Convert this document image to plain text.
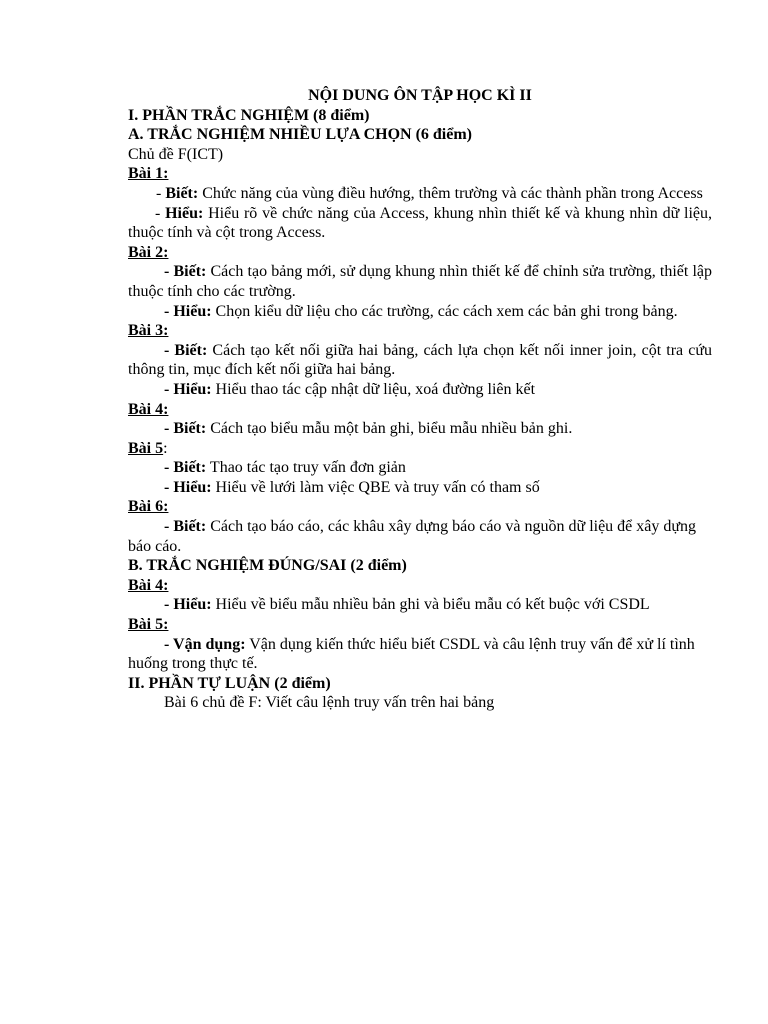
NỘI DUNG ÔN TẬP HỌC KÌ II

I. PHẦN TRẮC NGHIỆM (8 điểm)

A. TRẮC NGHIỆM NHIỀU LỰA CHỌN (6 điểm)

Chủ đề F(ICT)

Bài 1:

- Biết: Chức năng của vùng điều hướng, thêm trường và các thành phần trong Access

- Hiểu: Hiểu rõ về chức năng của Access, khung nhìn thiết kế và khung nhìn dữ liệu, thuộc tính và cột trong Access.

Bài 2:

- Biết: Cách tạo bảng mới, sử dụng khung nhìn thiết kế để chỉnh sửa trường, thiết lập thuộc tính cho các trường.

- Hiểu: Chọn kiểu dữ liệu cho các trường, các cách xem các bản ghi trong bảng.

Bài 3:

- Biết: Cách tạo kết nối giữa hai bảng, cách lựa chọn kết nối inner join, cột tra cứu thông tin, mục đích kết nối giữa hai bảng.

- Hiểu: Hiểu thao tác cập nhật dữ liệu, xoá đường liên kết

Bài 4:

- Biết: Cách tạo biểu mẫu một bản ghi, biểu mẫu nhiều bản ghi.

Bài 5:

- Biết: Thao tác tạo truy vấn đơn giản

- Hiểu: Hiểu về lưới làm việc QBE và truy vấn có tham số

Bài 6:

- Biết: Cách tạo báo cáo, các khâu xây dựng báo cáo và nguồn dữ liệu để xây dựng báo cáo.

B. TRẮC NGHIỆM ĐÚNG/SAI (2 điểm)

Bài 4:

- Hiểu: Hiểu về biểu mẫu nhiều bản ghi và biểu mẫu có kết buộc với CSDL

Bài 5:

- Vận dụng: Vận dụng kiến thức hiểu biết CSDL và câu lệnh truy vấn để xử lí tình huống trong thực tế.

II. PHẦN TỰ LUẬN (2 điểm)

Bài 6 chủ đề F: Viết câu lệnh truy vấn trên hai bảng
